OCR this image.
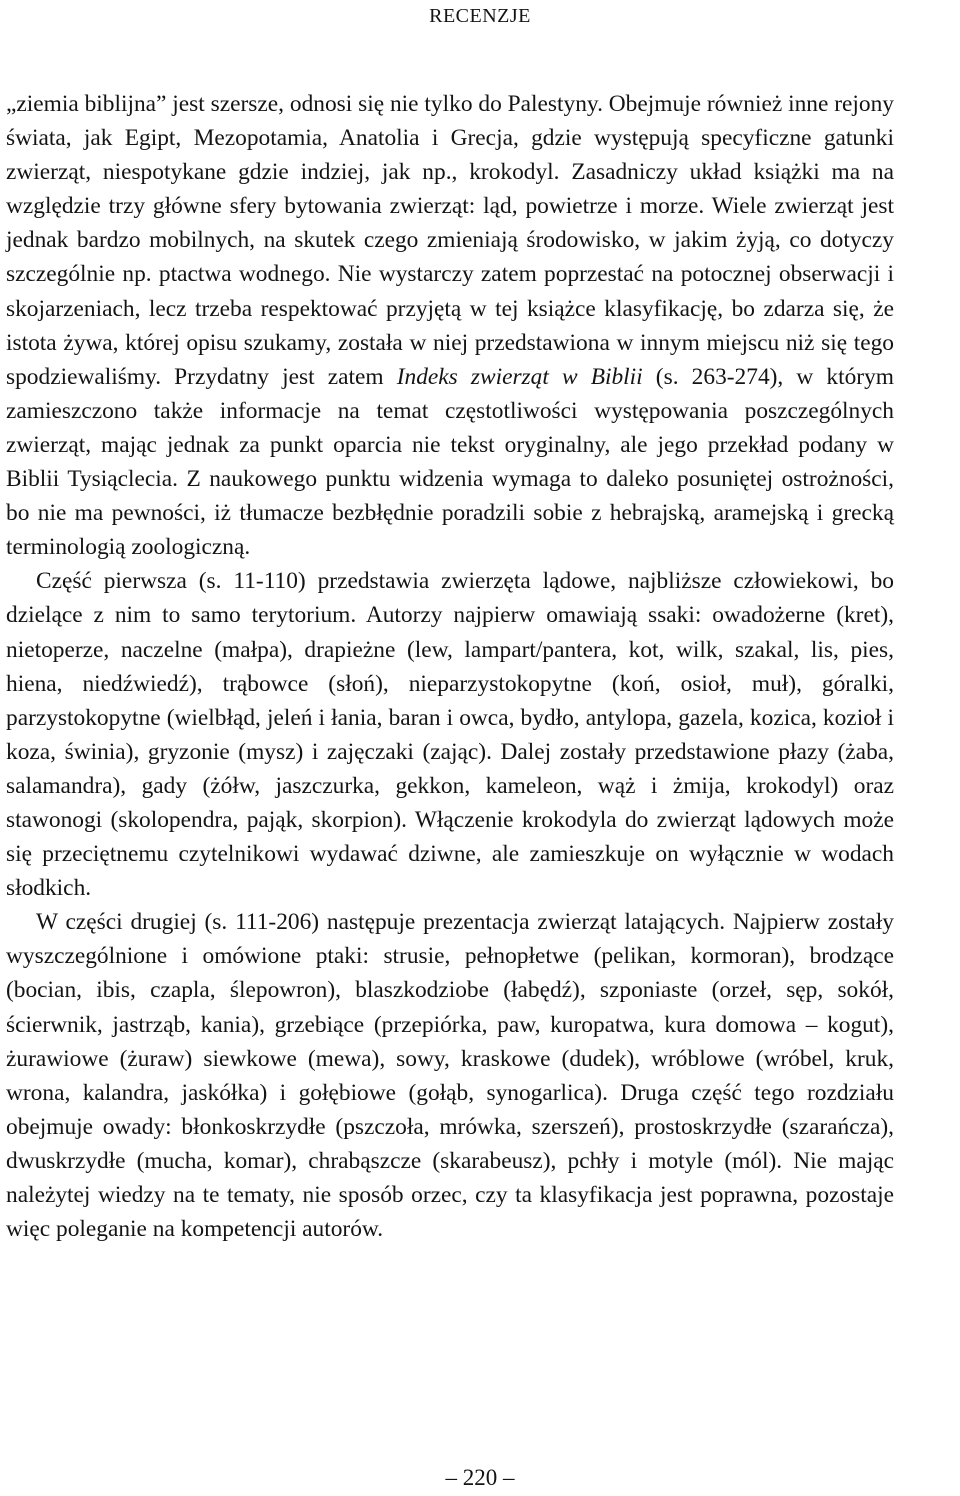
RECENZJE

„ziemia biblijna” jest szersze, odnosi się nie tylko do Palestyny. Obejmuje również inne rejony świata, jak Egipt, Mezopotamia, Anatolia i Grecja, gdzie występują specyficzne gatunki zwierząt, niespotykane gdzie indziej, jak np., krokodyl. Zasadniczy układ książki ma na względzie trzy główne sfery bytowania zwierząt: ląd, powietrze i morze. Wiele zwierząt jest jednak bardzo mobilnych, na skutek czego zmieniają środowisko, w jakim żyją, co dotyczy szczególnie np. ptactwa wodnego. Nie wystarczy zatem poprzestać na potocznej obserwacji i skojarzeniach, lecz trzeba respektować przyjętą w tej książce klasyfikację, bo zdarza się, że istota żywa, której opisu szukamy, została w niej przedstawiona w innym miejscu niż się tego spodziewaliśmy. Przydatny jest zatem Indeks zwierząt w Biblii (s. 263-274), w którym zamieszczono także informacje na temat częstotliwości występowania poszczególnych zwierząt, mając jednak za punkt oparcia nie tekst oryginalny, ale jego przekład podany w Biblii Tysiąclecia. Z naukowego punktu widzenia wymaga to daleko posuniętej ostrożności, bo nie ma pewności, iż tłumacze bezbłędnie poradzili sobie z hebrajską, aramejską i grecką terminologią zoologiczną.

Część pierwsza (s. 11-110) przedstawia zwierzęta lądowe, najbliższe człowiekowi, bo dzielące z nim to samo terytorium. Autorzy najpierw omawiają ssaki: owadożerne (kret), nietoperze, naczelne (małpa), drapieżne (lew, lampart/pantera, kot, wilk, szakal, lis, pies, hiena, niedźwiedź), trąbowce (słoń), nieparzystokopytne (koń, osioł, muł), góralki, parzystokopytne (wielbłąd, jeleń i łania, baran i owca, bydło, antylopa, gazela, kozica, kozioł i koza, świnia), gryzonie (mysz) i zajęczaki (zając). Dalej zostały przedstawione płazy (żaba, salamandra), gady (żółw, jaszczurka, gekkon, kameleon, wąż i żmija, krokodyl) oraz stawonogi (skolopendra, pająk, skorpion). Włączenie krokodyla do zwierząt lądowych może się przeciętnemu czytelnikowi wydawać dziwne, ale zamieszkuje on wyłącznie w wodach słodkich.

W części drugiej (s. 111-206) następuje prezentacja zwierząt latających. Najpierw zostały wyszczególnione i omówione ptaki: strusie, pełnopłetwe (pelikan, kormoran), brodzące (bocian, ibis, czapla, ślepowron), blaszkodziobe (łabędź), szponiaste (orzeł, sęp, sokół, ścierwnik, jastrząb, kania), grzebiące (przepiórka, paw, kuropatwa, kura domowa – kogut), żurawiowe (żuraw) siewkowe (mewa), sowy, kraskowe (dudek), wróblowe (wróbel, kruk, wrona, kalandra, jaskółka) i gołębiowe (gołąb, synogarlica). Druga część tego rozdziału obejmuje owady: błonkoskrzydłe (pszczoła, mrówka, szerszeń), prostoskrzydłe (szarańcza), dwuskrzydłe (mucha, komar), chrabąszcze (skarabeusz), pchły i motyle (mól). Nie mając należytej wiedzy na te tematy, nie sposób orzec, czy ta klasyfikacja jest poprawna, pozostaje więc poleganie na kompetencji autorów.

– 220 –
